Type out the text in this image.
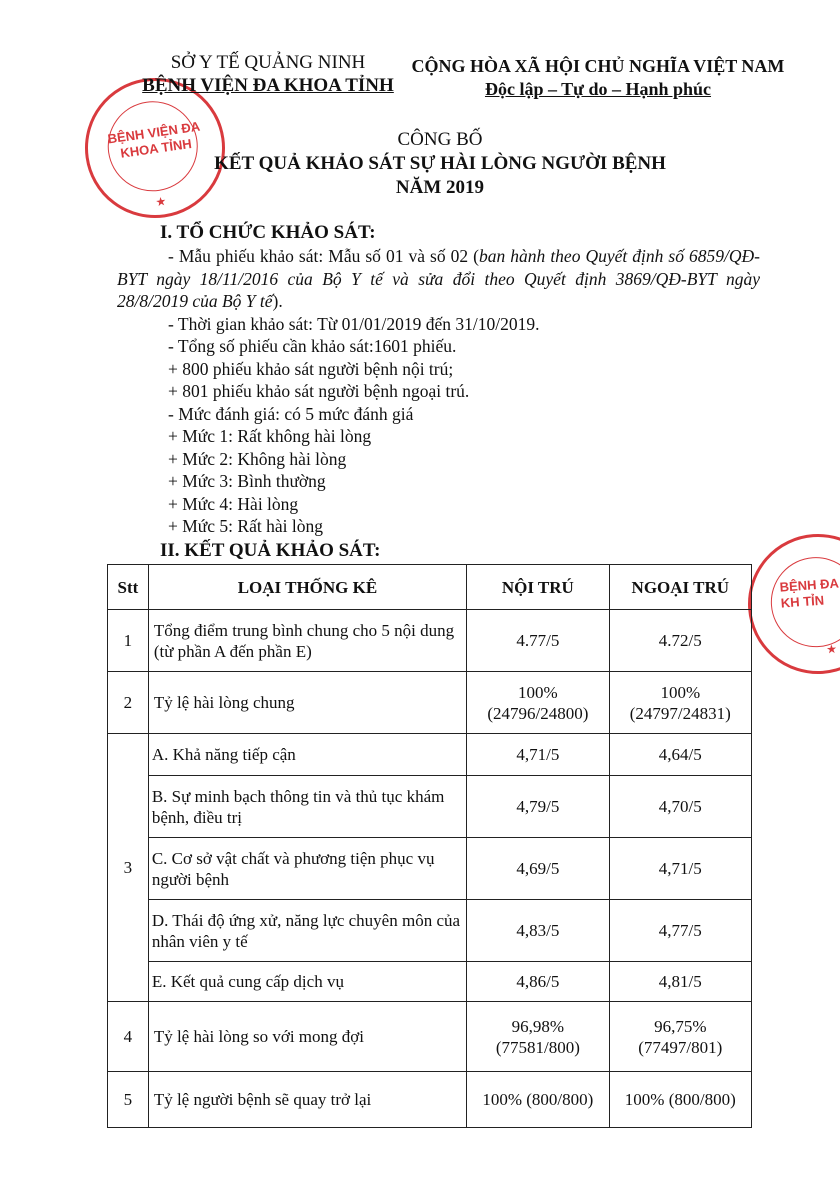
BỆNH VIỆN ĐA KHOA TỈNH
★
BỆNH ĐA KH TỈN
★
SỞ Y TẾ QUẢNG NINH
BỆNH VIỆN ĐA KHOA TỈNH
CỘNG HÒA XÃ HỘI CHỦ NGHĨA VIỆT NAM
Độc lập – Tự do – Hạnh phúc
CÔNG BỐ
KẾT QUẢ KHẢO SÁT SỰ HÀI LÒNG NGƯỜI BỆNH
NĂM 2019
I. TỔ CHỨC KHẢO SÁT:

- Mẫu phiếu khảo sát: Mẫu số 01 và số 02 (ban hành theo Quyết định số 6859/QĐ-BYT ngày 18/11/2016 của Bộ Y tế và sửa đổi theo Quyết định 3869/QĐ-BYT ngày 28/8/2019 của Bộ Y tế).

- Thời gian khảo sát: Từ 01/01/2019 đến 31/10/2019.

- Tổng số phiếu cần khảo sát:1601 phiếu.

+ 800 phiếu khảo sát người bệnh nội trú;

+ 801 phiếu khảo sát người bệnh ngoại trú.

- Mức đánh giá: có 5 mức đánh giá

+ Mức 1: Rất không hài lòng

+ Mức 2: Không hài lòng

+ Mức 3: Bình thường

+ Mức 4: Hài lòng

+ Mức 5: Rất hài lòng

II. KẾT QUẢ KHẢO SÁT:
Stt	LOẠI THỐNG KÊ	NỘI TRÚ	NGOẠI TRÚ
1	Tổng điểm trung bình chung cho 5 nội dung (từ phần A đến phần E)	4.77/5	4.72/5
2	Tỷ lệ hài lòng chung	100% (24796/24800)	100% (24797/24831)
3	A. Khả năng tiếp cận	4,71/5	4,64/5
	B. Sự minh bạch thông tin và thủ tục khám bệnh, điều trị	4,79/5	4,70/5
	C. Cơ sở vật chất và phương tiện phục vụ người bệnh	4,69/5	4,71/5
	D. Thái độ ứng xử, năng lực chuyên môn của nhân viên y tế	4,83/5	4,77/5
	E. Kết quả cung cấp dịch vụ	4,86/5	4,81/5
4	Tỷ lệ hài lòng so với mong đợi	96,98% (77581/800)	96,75% (77497/801)
5	Tỷ lệ người bệnh sẽ quay trở lại	100% (800/800)	100% (800/800)
